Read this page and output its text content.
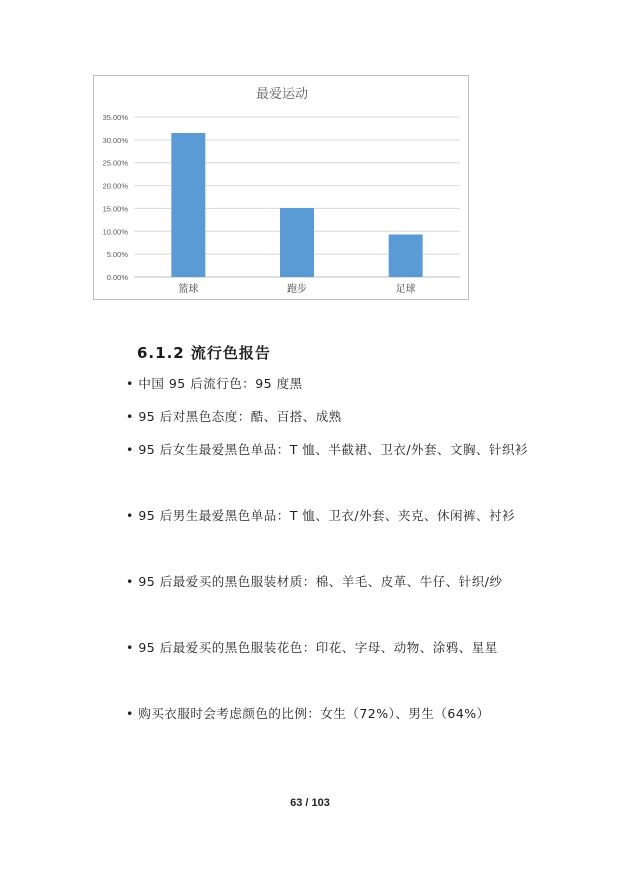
最爱运动
0.00%
5.00%
10.00%
15.00%
20.00%
25.00%
30.00%
35.00%
篮球	跑步	足球
6.1.2 流行色报告
• 中国 95 后流行色：95 度黑
• 95 后对黑色态度：酷、百搭、成熟
• 95 后女生最爱黑色单品：T 恤、半截裙、卫衣/外套、文胸、针织衫
• 95 后男生最爱黑色单品：T 恤、卫衣/外套、夹克、休闲裤、衬衫
• 95 后最爱买的黑色服装材质：棉、羊毛、皮革、牛仔、针织/纱
• 95 后最爱买的黑色服装花色：印花、字母、动物、涂鸦、星星
• 购买衣服时会考虑颜色的比例：女生（72%）、男生（64%）
63 / 103
